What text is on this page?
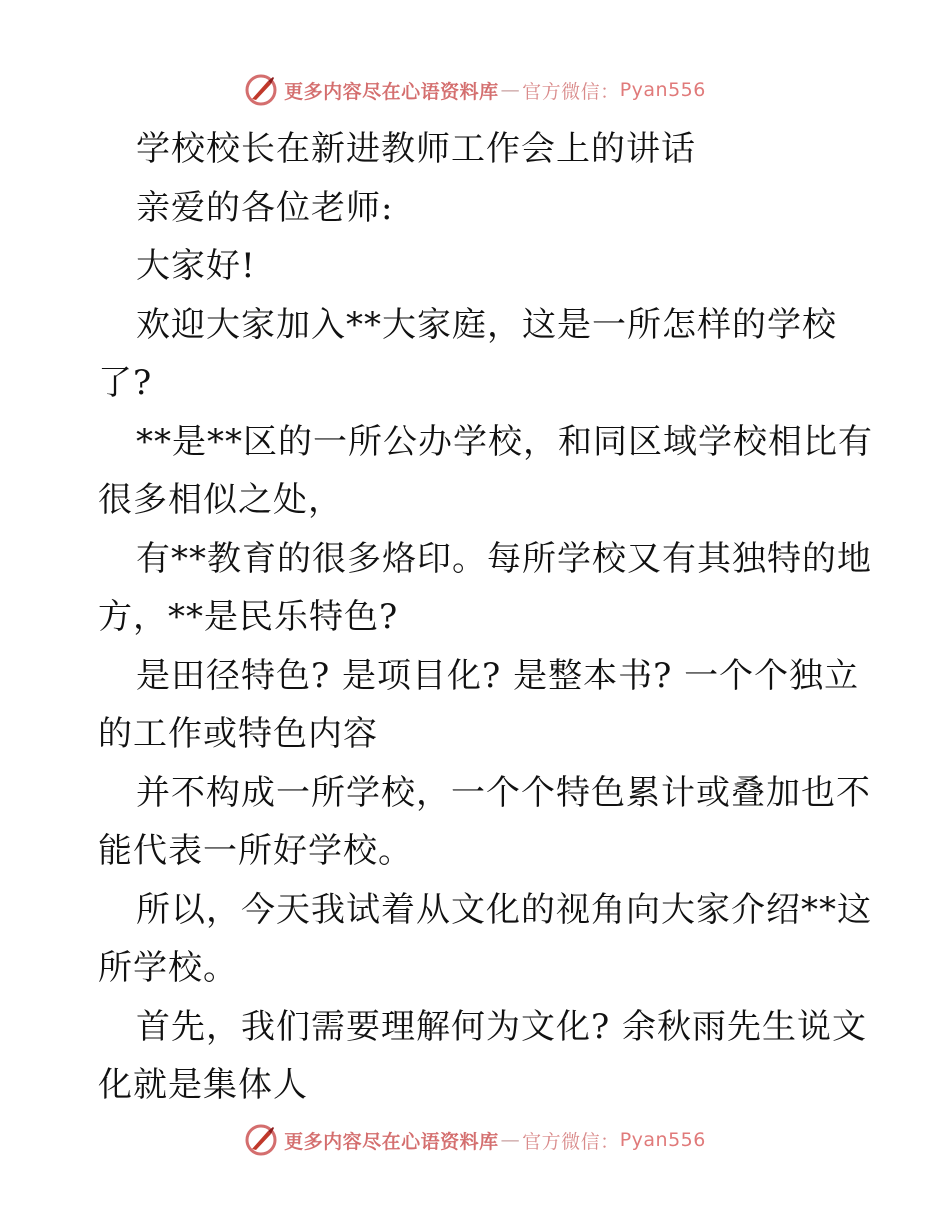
更多内容尽在心语资料库 — 官方微信： Pyan556
学校校长在新进教师工作会上的讲话
亲爱的各位老师:
大家好!
欢迎大家加入**大家庭，这是一所怎样的学校
了?
**是**区的一所公办学校，和同区域学校相比有
很多相似之处，
有**教育的很多烙印。每所学校又有其独特的地
方，**是民乐特色?
是田径特色? 是项目化? 是整本书? 一个个独立
的工作或特色内容
并不构成一所学校，一个个特色累计或叠加也不
能代表一所好学校。
所以，今天我试着从文化的视角向大家介绍**这
所学校。
首先，我们需要理解何为文化? 余秋雨先生说文
化就是集体人
更多内容尽在心语资料库 — 官方微信： Pyan556
